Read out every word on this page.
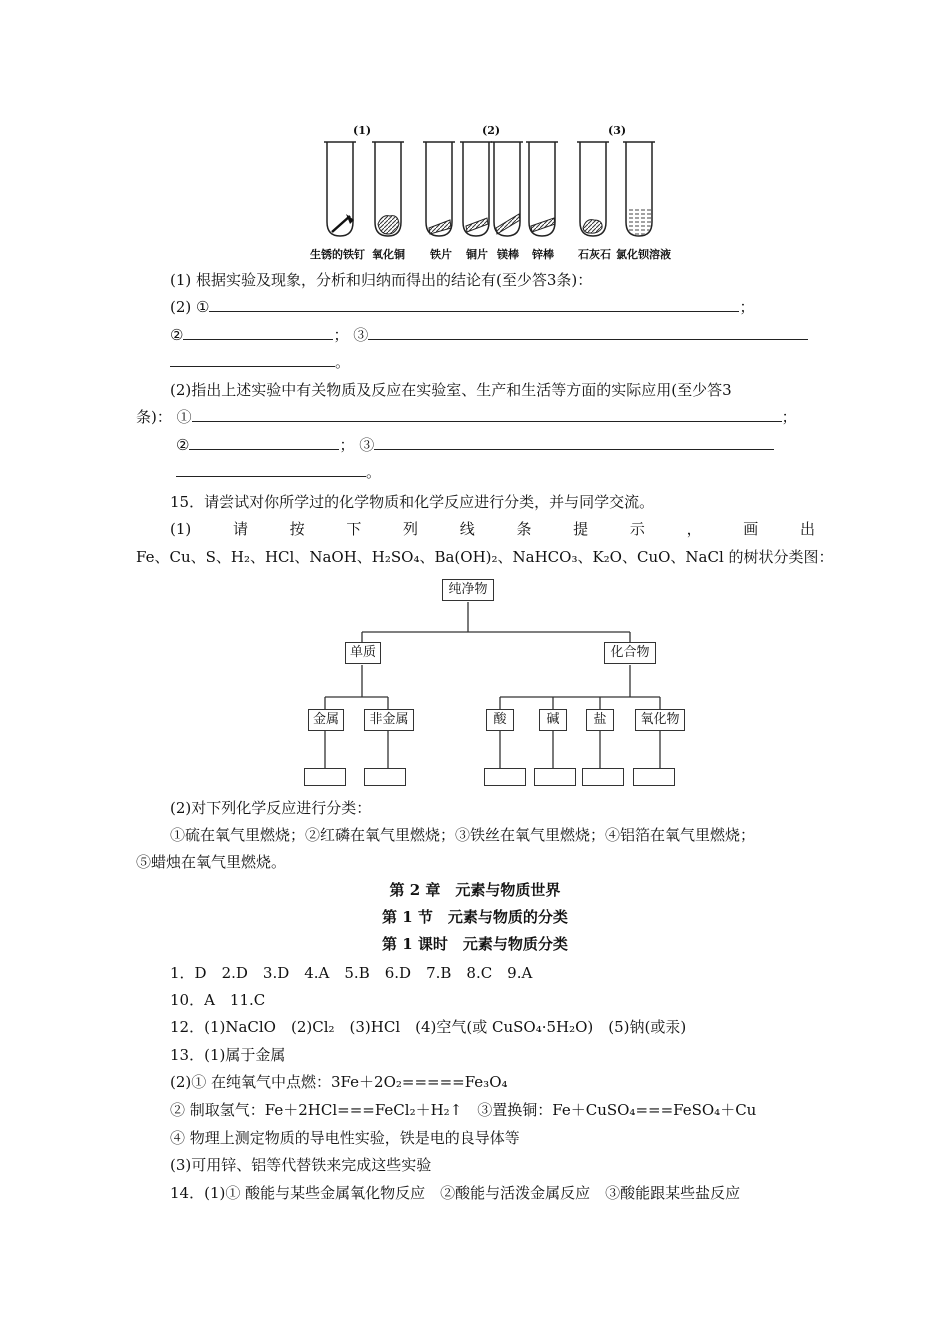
(1)	(2)	(3)
生锈的铁钉 氧化铜 铁片 铜片 镁棒 锌棒 石灰石 氯化钡溶液
(1) 根据实验及现象，分析和归纳而得出的结论有(至少答3条)：
(2) ①	；
②	； ③
。
(2)指出上述实验中有关物质及反应在实验室、生产和生活等方面的实际应用(至少答3
条)： ①	；
②	； ③
。
15．请尝试对你所学过的化学物质和化学反应进行分类，并与同学交流。
(1)	请	按	下	列	线	条	提	示	，	画	出
Fe、Cu、S、H₂、HCl、NaOH、H₂SO₄、Ba(OH)₂、NaHCO₃、K₂O、CuO、NaCl 的树状分类图：
纯净物
单质	化合物
金属	非金属	酸	碱	盐	氧化物
(2)对下列化学反应进行分类：
①硫在氧气里燃烧；②红磷在氧气里燃烧；③铁丝在氧气里燃烧；④铝箔在氧气里燃烧；
⑤蜡烛在氧气里燃烧。
第 2 章　元素与物质世界
第 1 节　元素与物质的分类
第 1 课时　元素与物质分类
1．D　2.D　3.D　4.A　5.B　6.D　7.B　8.C　9.A
10．A　11.C
12．(1)NaClO　(2)Cl₂　(3)HCl　(4)空气(或 CuSO₄·5H₂O)　(5)钠(或汞)
13．(1)属于金属
(2)① 在纯氧气中点燃：3Fe＋2O₂=====Fe₃O₄
② 制取氢气：Fe＋2HCl===FeCl₂＋H₂↑　③置换铜：Fe＋CuSO₄===FeSO₄＋Cu
④ 物理上测定物质的导电性实验，铁是电的良导体等
(3)可用锌、铝等代替铁来完成这些实验
14．(1)① 酸能与某些金属氧化物反应　②酸能与活泼金属反应　③酸能跟某些盐反应
